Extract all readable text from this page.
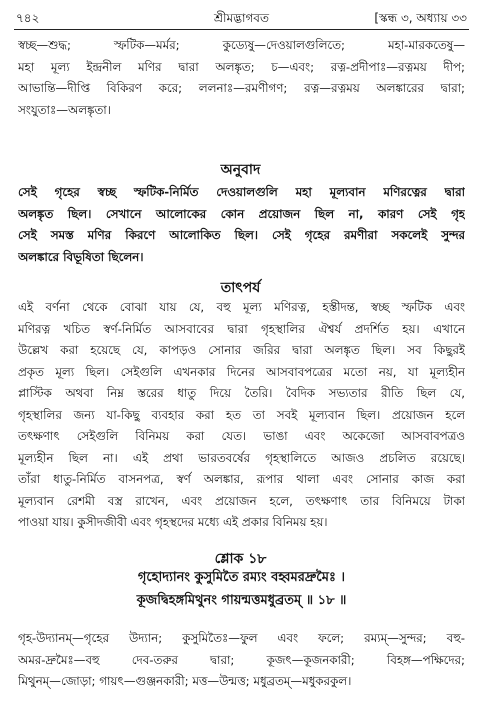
৭৪২	শ্রীমদ্ভাগবত	[স্কন্ধ ৩, অধ্যায় ৩৩
স্বচ্ছ—শুদ্ধ; স্ফটিক—মর্মর; কুড্যেষু—দেওয়ালগুলিতে; মহা-মারকতেষু—
মহা মূল্য ইন্দ্রনীল মণির দ্বারা অলঙ্কৃত; চ—এবং; রত্ন-প্রদীপাঃ—রত্নময় দীপ;
আভান্তি—দীপ্তি বিকিরণ করে; ললনাঃ—রমণীগণ; রত্ন—রত্নময় অলঙ্কারের দ্বারা;
সংযুতাঃ—অলঙ্কৃতা।
অনুবাদ
সেই গৃহের স্বচ্ছ স্ফটিক-নির্মিত দেওয়ালগুলি মহা মূল্যবান মণিরত্নের দ্বারা
অলঙ্কৃত ছিল। সেখানে আলোকের কোন প্রয়োজন ছিল না, কারণ সেই গৃহ
সেই সমস্ত মণির কিরণে আলোকিত ছিল। সেই গৃহের রমণীরা সকলেই সুন্দর
অলঙ্কারে বিভূষিতা ছিলেন।
তাৎপর্য
এই বর্ণনা থেকে বোঝা যায় যে, বহু মূল্য মণিরত্ন, হস্তীদন্ত, স্বচ্ছ স্ফটিক এবং
মণিরত্ন খচিত স্বর্ণ-নির্মিত আসবাবের দ্বারা গৃহস্থালির ঐশ্বর্য প্রদর্শিত হয়। এখানে
উল্লেখ করা হয়েছে যে, কাপড়ও সোনার জরির দ্বারা অলঙ্কৃত ছিল। সব কিছুরই
প্রকৃত মূল্য ছিল। সেইগুলি এখনকার দিনের আসবাবপত্রের মতো নয়, যা মূল্যহীন
প্লাস্টিক অথবা নিম্ন স্তরের ধাতু দিয়ে তৈরি। বৈদিক সভ্যতার রীতি ছিল যে,
গৃহস্থালির জন্য যা-কিছু ব্যবহার করা হত তা সবই মূল্যবান ছিল। প্রয়োজন হলে
তৎক্ষণাৎ সেইগুলি বিনিময় করা যেত। ভাঙা এবং অকেজো আসবাবপত্রও
মূল্যহীন ছিল না। এই প্রথা ভারতবর্ষের গৃহস্থালিতে আজও প্রচলিত রয়েছে।
তাঁরা ধাতু-নির্মিত বাসনপত্র, স্বর্ণ অলঙ্কার, রূপার থালা এবং সোনার কাজ করা
মূল্যবান রেশমী বস্ত্র রাখেন, এবং প্রয়োজন হলে, তৎক্ষণাৎ তার বিনিময়ে টাকা
পাওয়া যায়। কুসীদজীবী এবং গৃহস্থদের মধ্যে এই প্রকার বিনিময় হয়।
শ্লোক ১৮
গৃহোদ্যানং কুসুমিতৈ রম্যং বহ্বমরদ্রুমৈঃ ।
কূজদ্বিহঙ্গমিথুনং গায়ন্মত্তমধুব্রতম্ ॥ ১৮ ॥
গৃহ-উদ্যানম্—গৃহের উদ্যান; কুসুমিতৈঃ—ফুল এবং ফলে; রম্যম্—সুন্দর; বহু-
অমর-দ্রুমৈঃ—বহু দেব-তরুর দ্বারা; কূজৎ—কূজনকারী; বিহঙ্গ—পক্ষিদের;
মিথুনম্—জোড়া; গায়ৎ—গুঞ্জনকারী; মত্ত—উন্মত্ত; মধুব্রতম্—মধুকরকুল।
